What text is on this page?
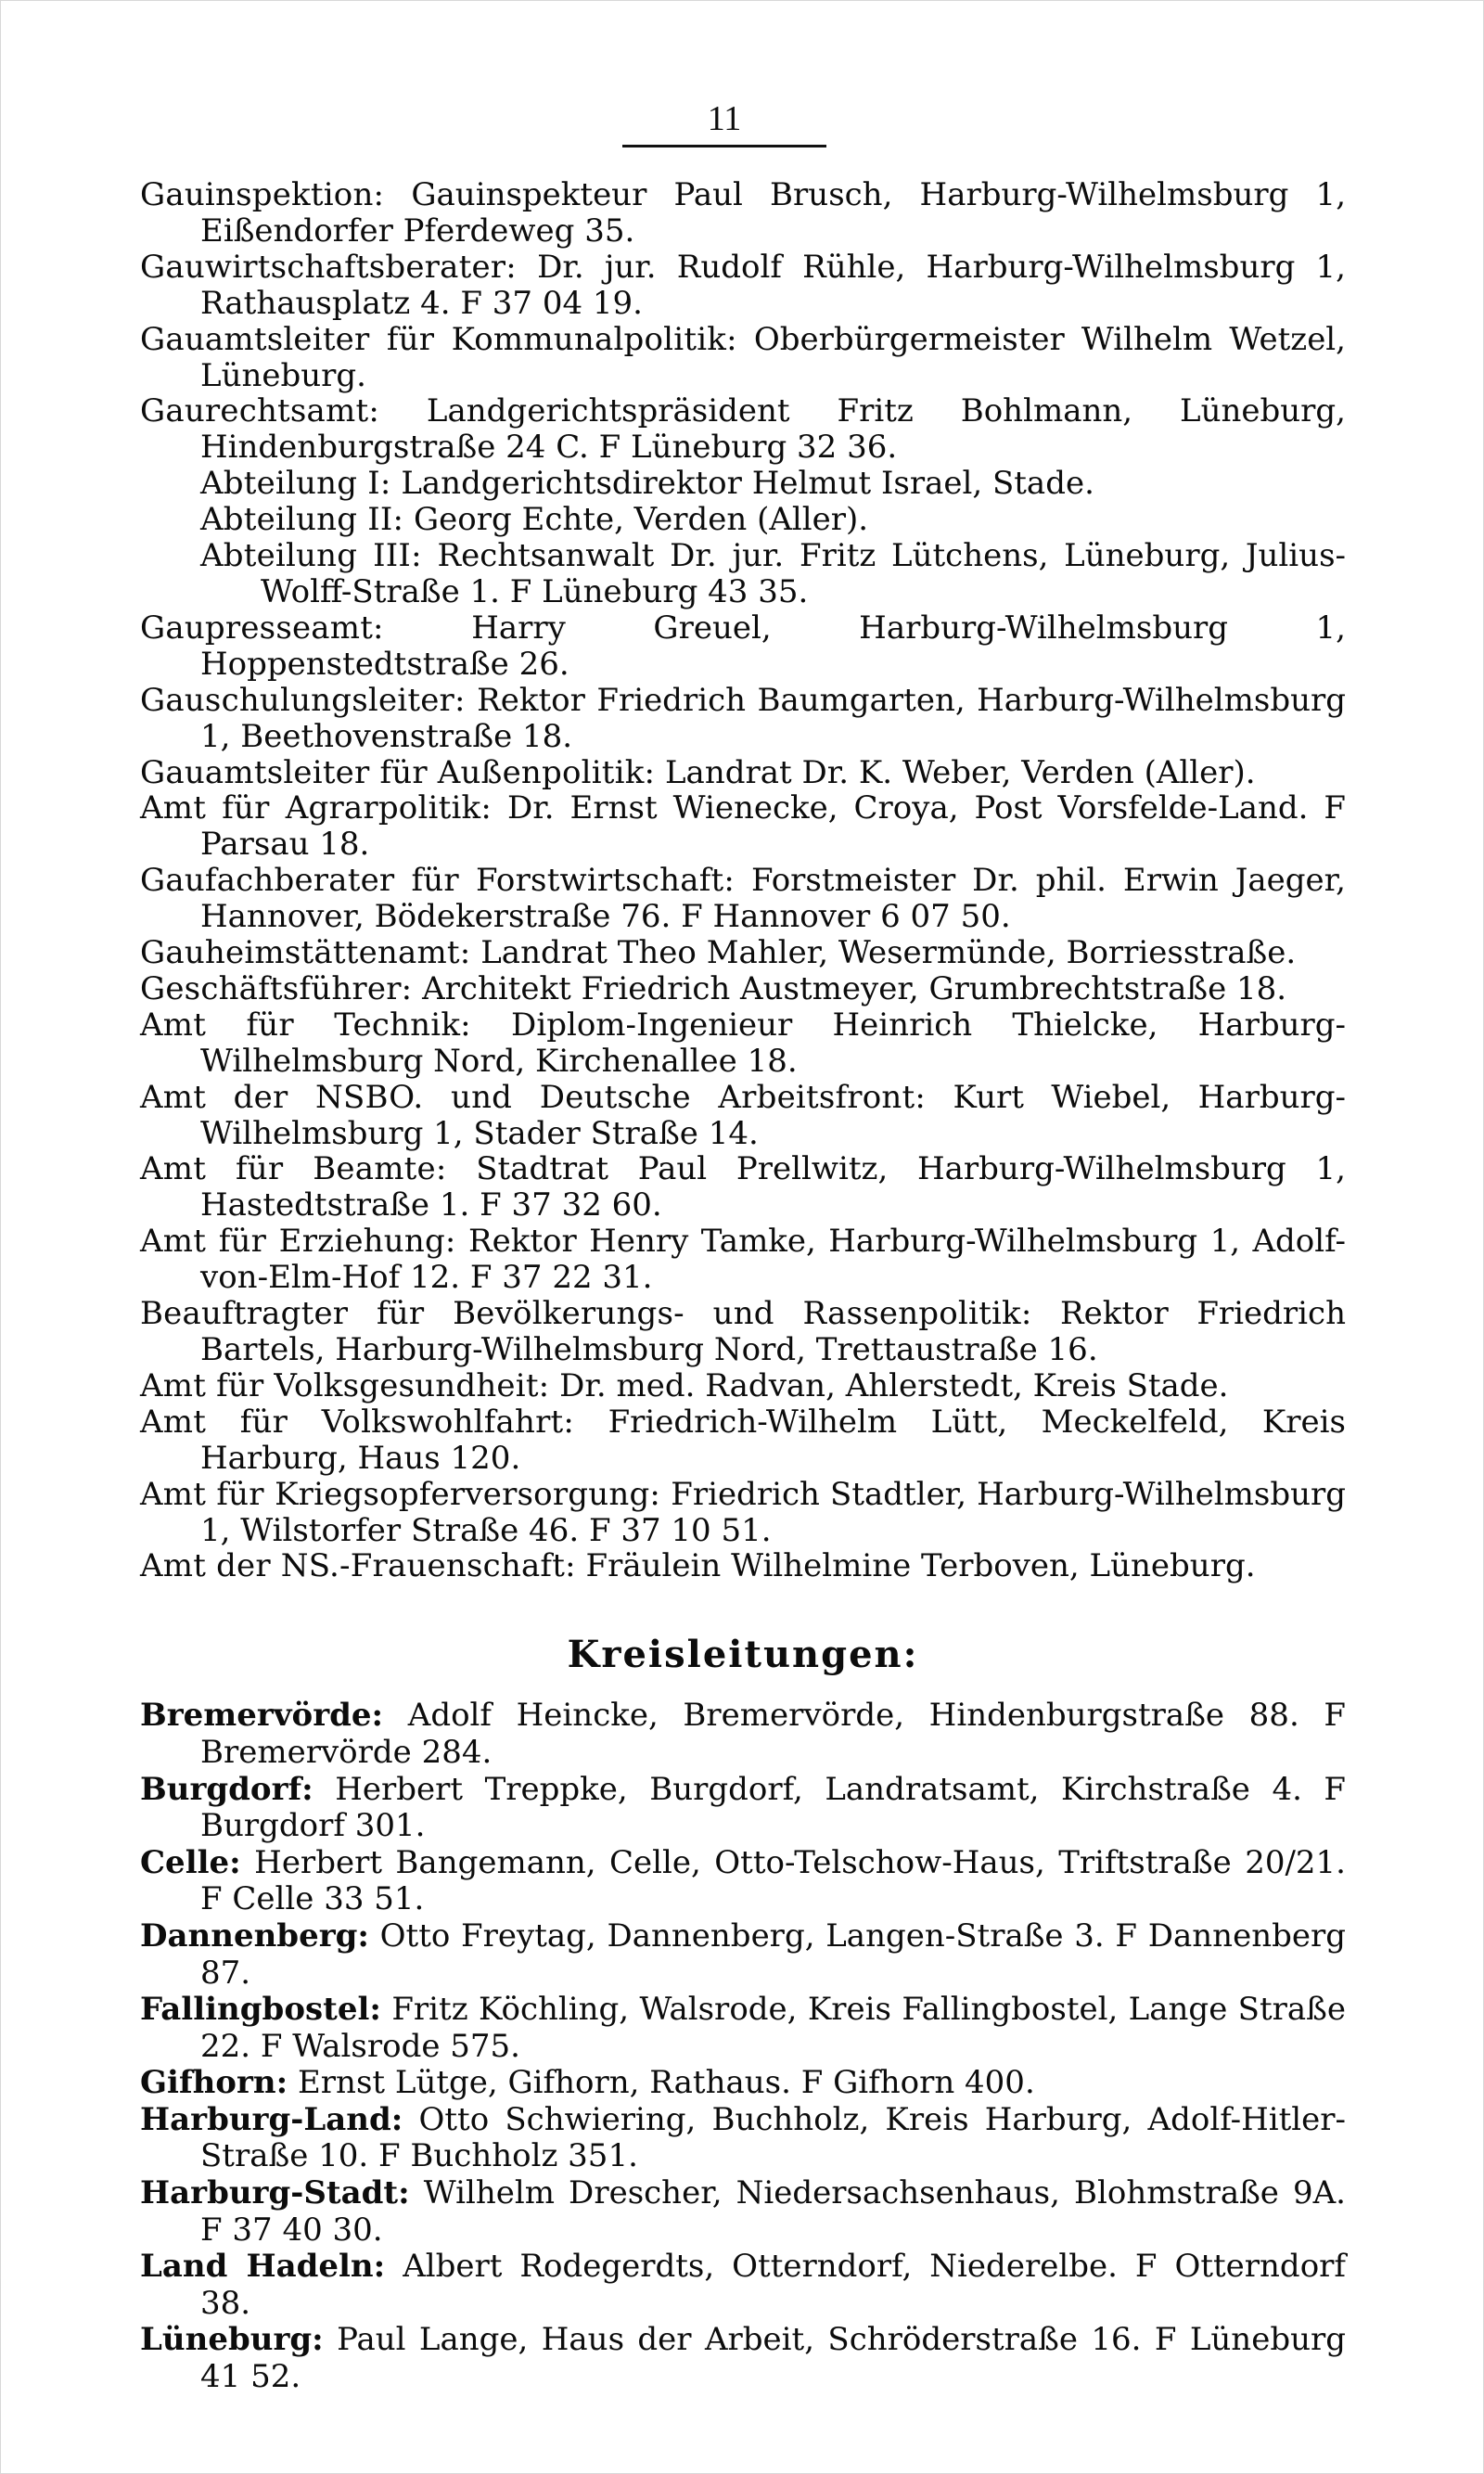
11

Gauinspektion: Gauinspekteur Paul Brusch, Harburg-Wilhelmsburg 1, Eißendorfer Pferdeweg 35.

Gauwirtschaftsberater: Dr. jur. Rudolf Rühle, Harburg-Wilhelmsburg 1, Rathausplatz 4. F 37 04 19.

Gauamtsleiter für Kommunalpolitik: Oberbürgermeister Wilhelm Wetzel, Lüneburg.

Gaurechtsamt: Landgerichtspräsident Fritz Bohlmann, Lüneburg, Hindenburgstraße 24 C. F Lüneburg 32 36.

Abteilung I: Landgerichtsdirektor Helmut Israel, Stade.

Abteilung II: Georg Echte, Verden (Aller).

Abteilung III: Rechtsanwalt Dr. jur. Fritz Lütchens, Lüneburg, Julius-Wolff-Straße 1. F Lüneburg 43 35.

Gaupresseamt: Harry Greuel, Harburg-Wilhelmsburg 1, Hoppenstedtstraße 26.

Gauschulungsleiter: Rektor Friedrich Baumgarten, Harburg-Wilhelmsburg 1, Beethovenstraße 18.

Gauamtsleiter für Außenpolitik: Landrat Dr. K. Weber, Verden (Aller).

Amt für Agrarpolitik: Dr. Ernst Wienecke, Croya, Post Vorsfelde-Land. F Parsau 18.

Gaufachberater für Forstwirtschaft: Forstmeister Dr. phil. Erwin Jaeger, Hannover, Bödekerstraße 76. F Hannover 6 07 50.

Gauheimstättenamt: Landrat Theo Mahler, Wesermünde, Borriesstraße.

Geschäftsführer: Architekt Friedrich Austmeyer, Grumbrechtstraße 18.

Amt für Technik: Diplom-Ingenieur Heinrich Thielcke, Harburg-Wilhelmsburg Nord, Kirchenallee 18.

Amt der NSBO. und Deutsche Arbeitsfront: Kurt Wiebel, Harburg-Wilhelmsburg 1, Stader Straße 14.

Amt für Beamte: Stadtrat Paul Prellwitz, Harburg-Wilhelmsburg 1, Hastedtstraße 1. F 37 32 60.

Amt für Erziehung: Rektor Henry Tamke, Harburg-Wilhelmsburg 1, Adolf-von-Elm-Hof 12. F 37 22 31.

Beauftragter für Bevölkerungs- und Rassenpolitik: Rektor Friedrich Bartels, Harburg-Wilhelmsburg Nord, Trettaustraße 16.

Amt für Volksgesundheit: Dr. med. Radvan, Ahlerstedt, Kreis Stade.

Amt für Volkswohlfahrt: Friedrich-Wilhelm Lütt, Meckelfeld, Kreis Harburg, Haus 120.

Amt für Kriegsopferversorgung: Friedrich Stadtler, Harburg-Wilhelmsburg 1, Wilstorfer Straße 46. F 37 10 51.

Amt der NS.-Frauenschaft: Fräulein Wilhelmine Terboven, Lüneburg.

Kreisleitungen:

Bremervörde: Adolf Heincke, Bremervörde, Hindenburgstraße 88. F Bremervörde 284.

Burgdorf: Herbert Treppke, Burgdorf, Landratsamt, Kirchstraße 4. F Burgdorf 301.

Celle: Herbert Bangemann, Celle, Otto-Telschow-Haus, Triftstraße 20/21. F Celle 33 51.

Dannenberg: Otto Freytag, Dannenberg, Langen-Straße 3. F Dannenberg 87.

Fallingbostel: Fritz Köchling, Walsrode, Kreis Fallingbostel, Lange Straße 22. F Walsrode 575.

Gifhorn: Ernst Lütge, Gifhorn, Rathaus. F Gifhorn 400.

Harburg-Land: Otto Schwiering, Buchholz, Kreis Harburg, Adolf-Hitler-Straße 10. F Buchholz 351.

Harburg-Stadt: Wilhelm Drescher, Niedersachsenhaus, Blohmstraße 9A. F 37 40 30.

Land Hadeln: Albert Rodegerdts, Otterndorf, Niederelbe. F Otterndorf 38.

Lüneburg: Paul Lange, Haus der Arbeit, Schröderstraße 16. F Lüneburg 41 52.
